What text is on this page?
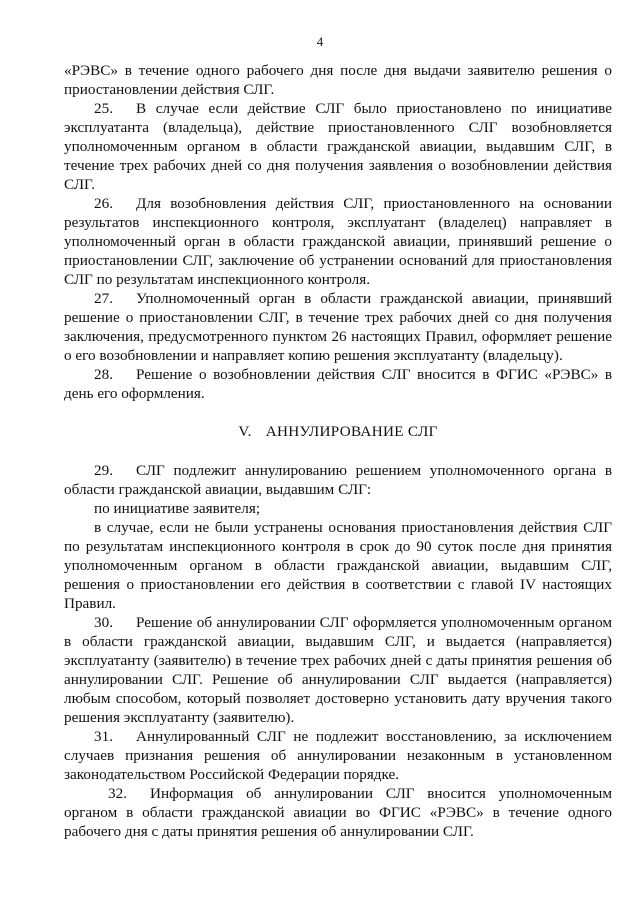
4

«РЭВС» в течение одного рабочего дня после дня выдачи заявителю решения о приостановлении действия СЛГ.

25. В случае если действие СЛГ было приостановлено по инициативе эксплуатанта (владельца), действие приостановленного СЛГ возобновляется уполномоченным органом в области гражданской авиации, выдавшим СЛГ, в течение трех рабочих дней со дня получения заявления о возобновлении действия СЛГ.

26. Для возобновления действия СЛГ, приостановленного на основании результатов инспекционного контроля, эксплуатант (владелец) направляет в уполномоченный орган в области гражданской авиации, принявший решение о приостановлении СЛГ, заключение об устранении оснований для приостановления СЛГ по результатам инспекционного контроля.

27. Уполномоченный орган в области гражданской авиации, принявший решение о приостановлении СЛГ, в течение трех рабочих дней со дня получения заключения, предусмотренного пунктом 26 настоящих Правил, оформляет решение о его возобновлении и направляет копию решения эксплуатанту (владельцу).

28. Решение о возобновлении действия СЛГ вносится в ФГИС «РЭВС» в день его оформления.

V. АННУЛИРОВАНИЕ СЛГ

29. СЛГ подлежит аннулированию решением уполномоченного органа в области гражданской авиации, выдавшим СЛГ:

по инициативе заявителя;

в случае, если не были устранены основания приостановления действия СЛГ по результатам инспекционного контроля в срок до 90 суток после дня принятия уполномоченным органом в области гражданской авиации, выдавшим СЛГ, решения о приостановлении его действия в соответствии с главой IV настоящих Правил.

30. Решение об аннулировании СЛГ оформляется уполномоченным органом в области гражданской авиации, выдавшим СЛГ, и выдается (направляется) эксплуатанту (заявителю) в течение трех рабочих дней с даты принятия решения об аннулировании СЛГ. Решение об аннулировании СЛГ выдается (направляется) любым способом, который позволяет достоверно установить дату вручения такого решения эксплуатанту (заявителю).

31. Аннулированный СЛГ не подлежит восстановлению, за исключением случаев признания решения об аннулировании незаконным в установленном законодательством Российской Федерации порядке.

32. Информация об аннулировании СЛГ вносится уполномоченным органом в области гражданской авиации во ФГИС «РЭВС» в течение одного рабочего дня с даты принятия решения об аннулировании СЛГ.
